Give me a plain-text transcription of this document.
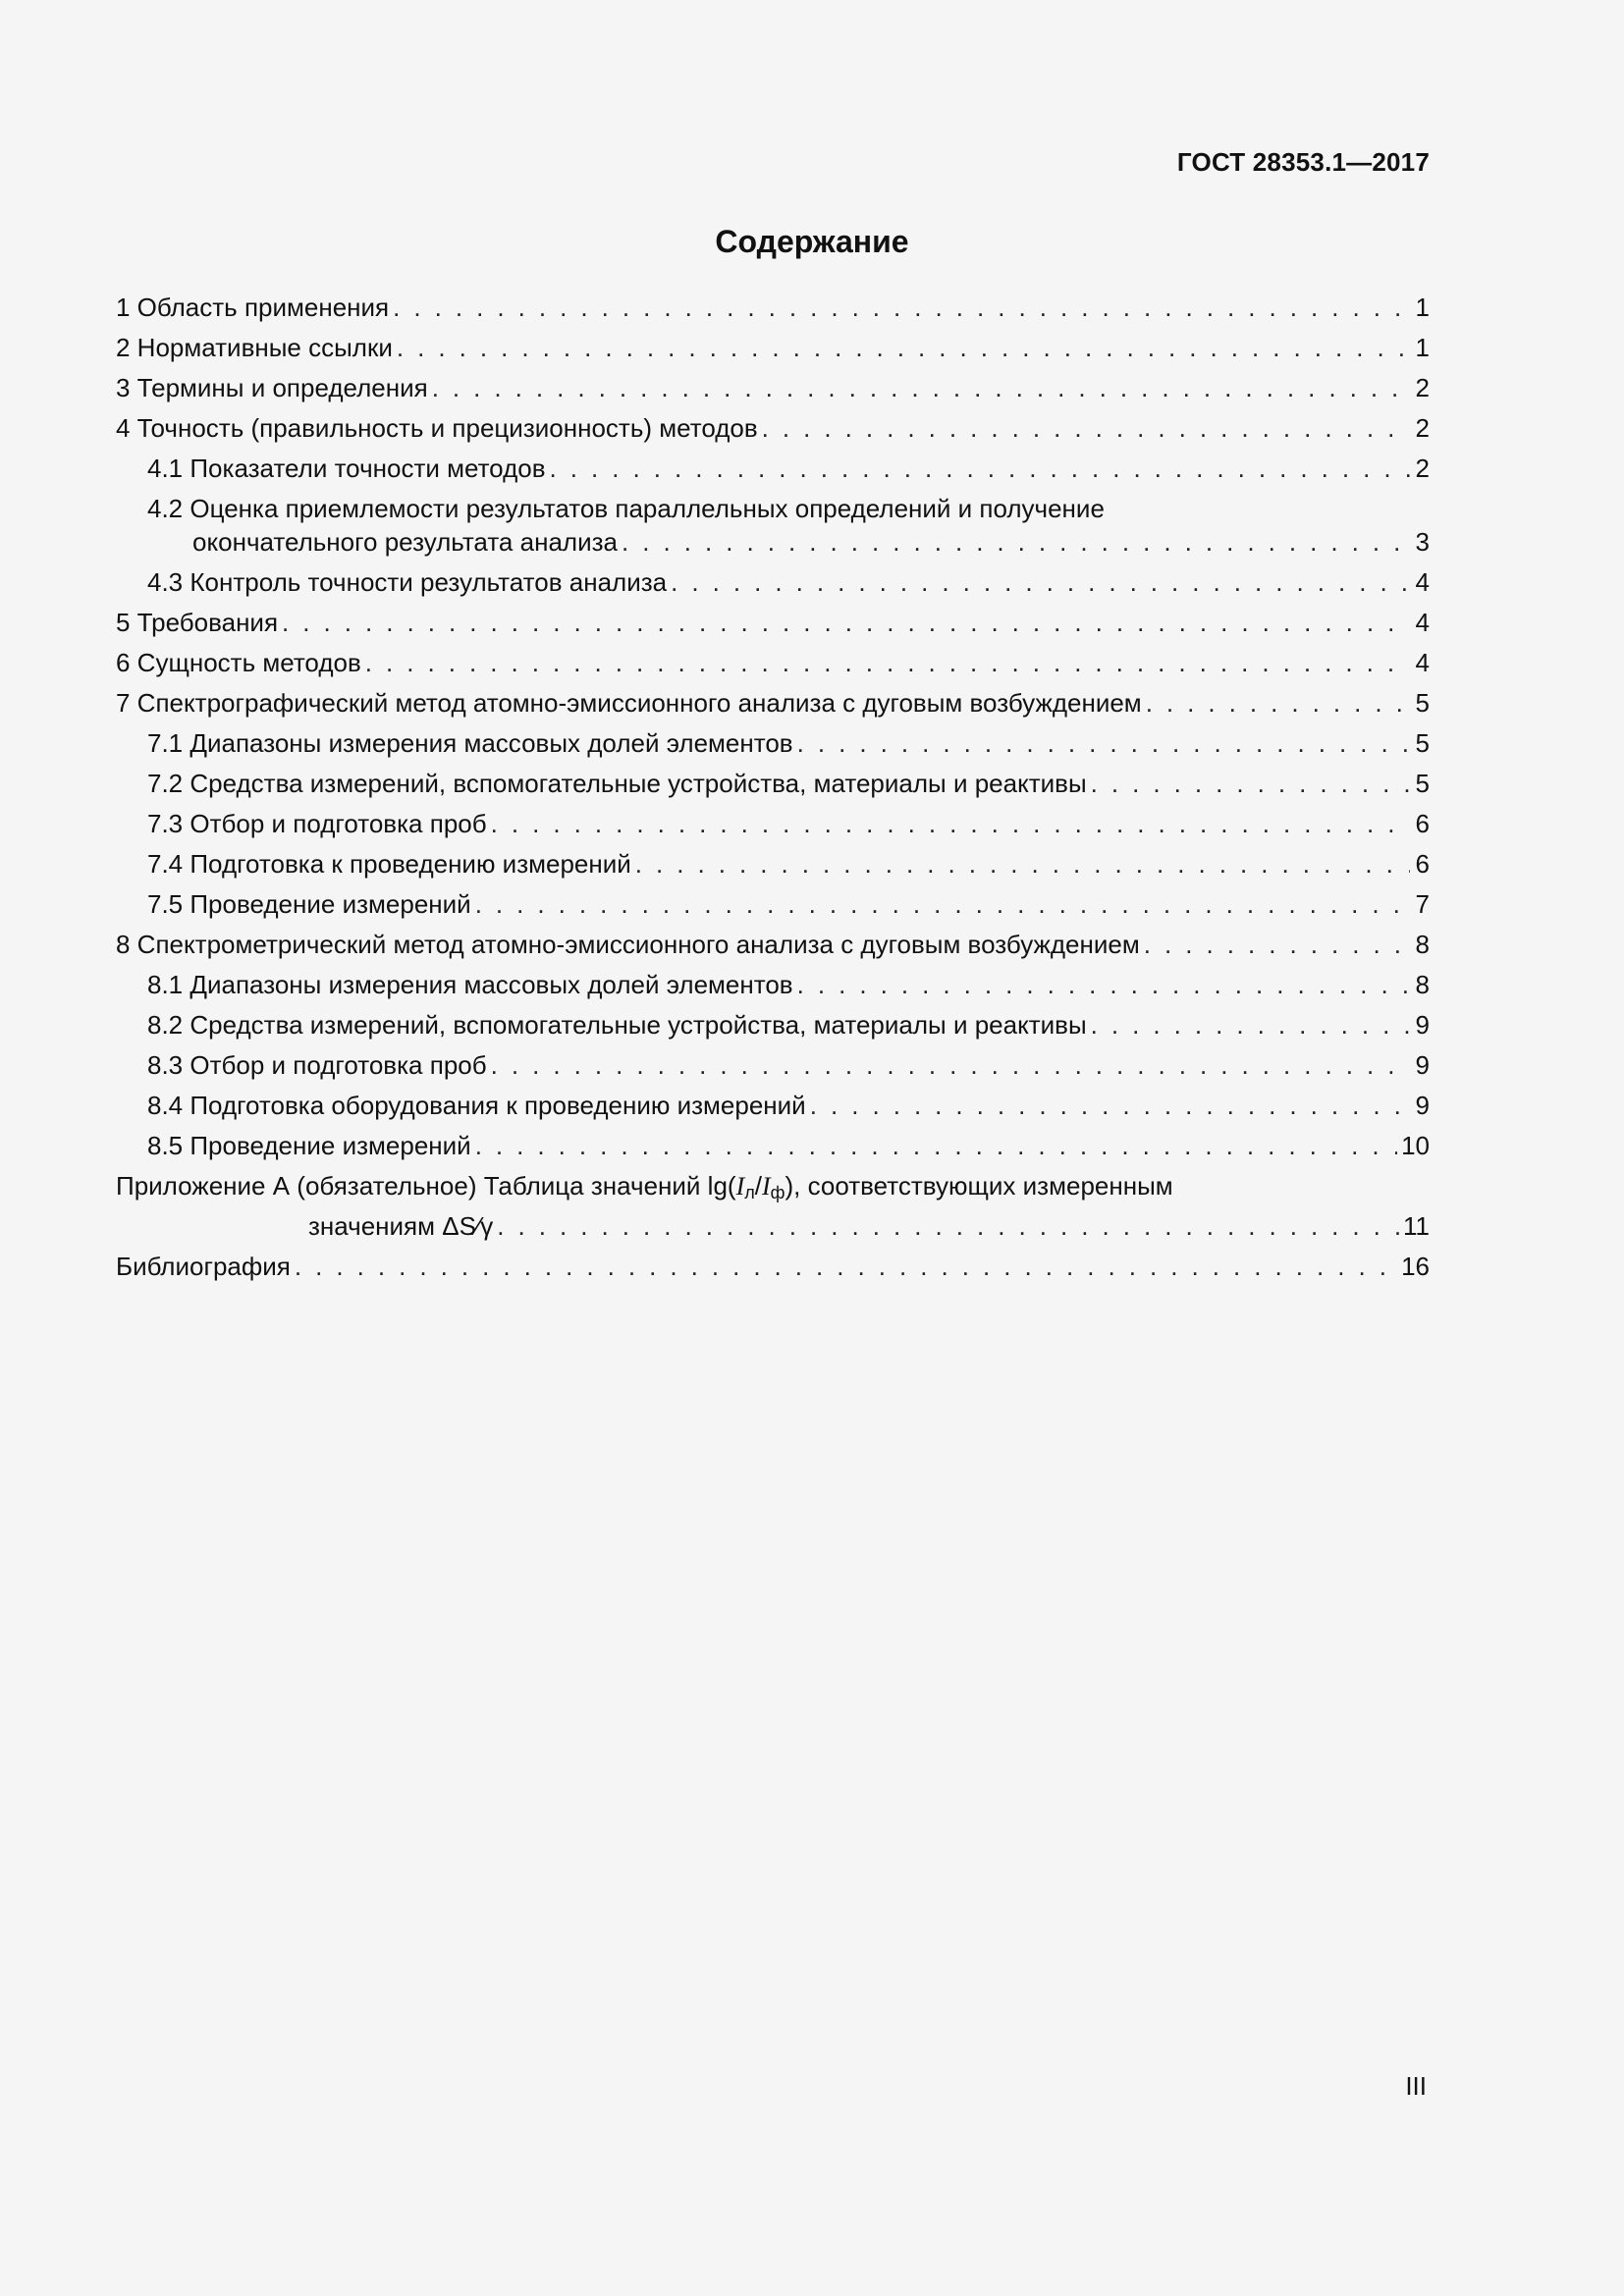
ГОСТ 28353.1—2017
Содержание
1 Область применения . . .	1
2 Нормативные ссылки . . .	1
3 Термины и определения . . .	2
4 Точность (правильность и прецизионность) методов . . .	2
4.1 Показатели точности методов . . .	2
4.2 Оценка приемлемости результатов параллельных определений и получение
окончательного результата анализа . . .	3
4.3 Контроль точности результатов анализа . . .	4
5 Требования . . .	4
6 Сущность методов . . .	4
7 Спектрографический метод атомно-эмиссионного анализа с дуговым возбуждением . . .	5
7.1 Диапазоны измерения массовых долей элементов . . .	5
7.2 Средства измерений, вспомогательные устройства, материалы и реактивы . . .	5
7.3 Отбор и подготовка проб . . .	6
7.4 Подготовка к проведению измерений . . .	6
7.5 Проведение измерений . . .	7
8 Спектрометрический метод атомно-эмиссионного анализа с дуговым возбуждением . . .	8
8.1 Диапазоны измерения массовых долей элементов . . .	8
8.2 Средства измерений, вспомогательные устройства, материалы и реактивы . . .	9
8.3 Отбор и подготовка проб . . .	9
8.4 Подготовка оборудования к проведению измерений . . .	9
8.5 Проведение измерений . . .	10
Приложение А (обязательное) Таблица значений $\lg(I_л/I_ф)$, соответствующих измеренным
значениям ΔS⁄γ . . .	11
Библиография . . .	16
III
